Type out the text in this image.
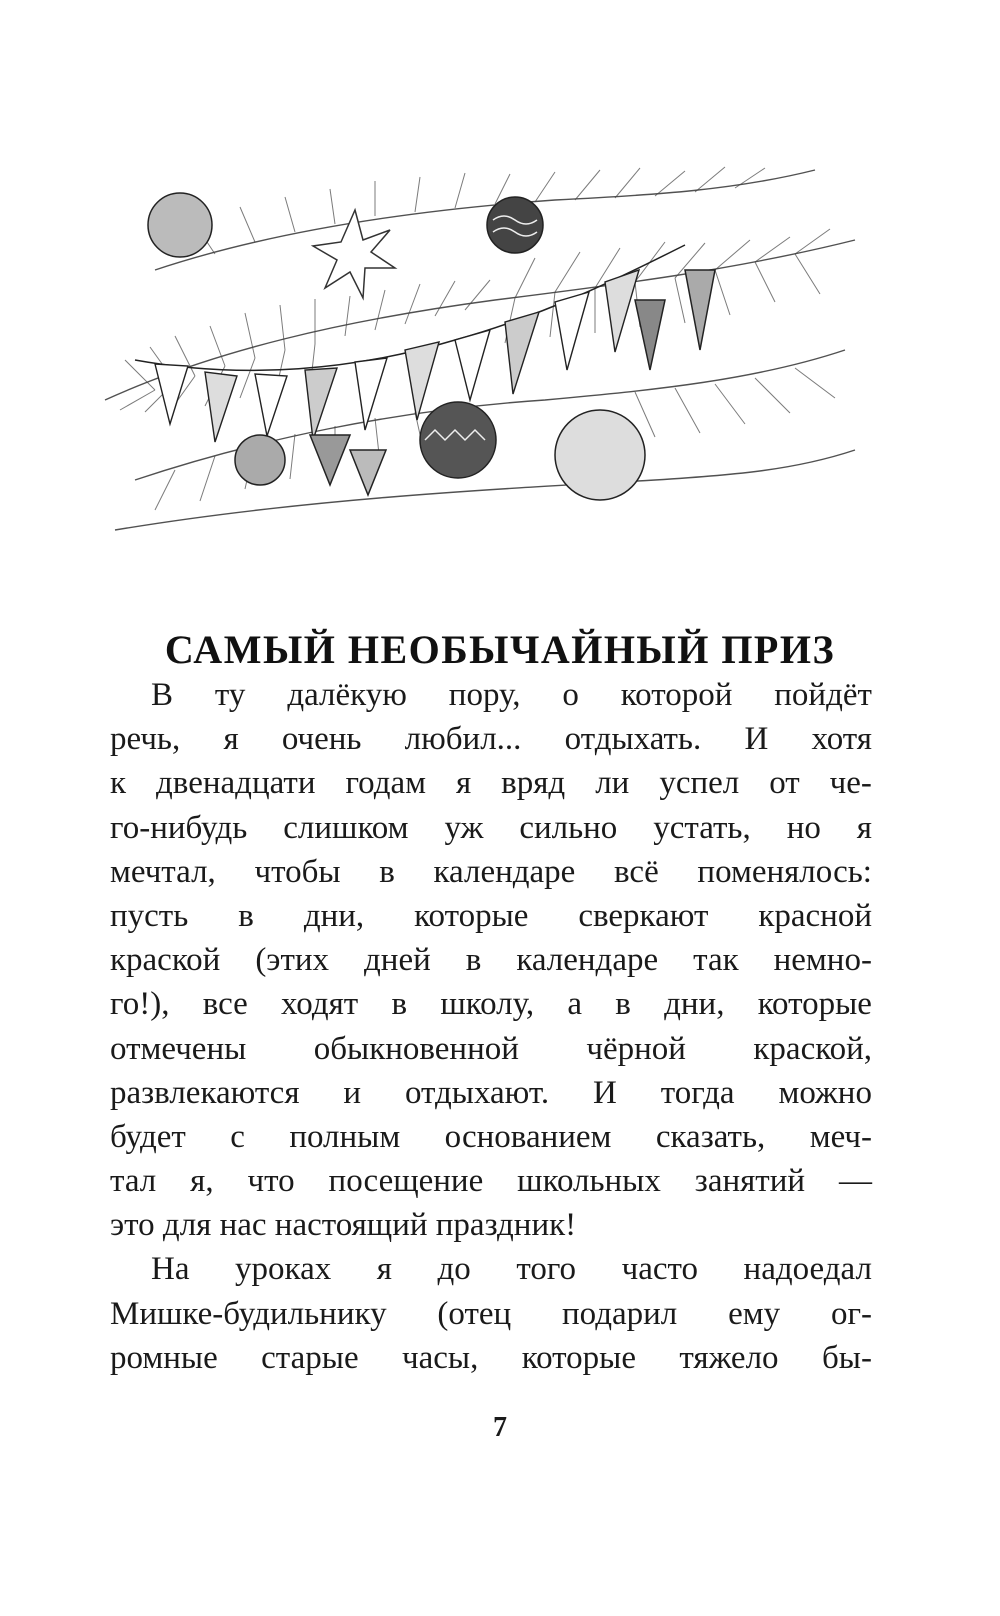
САМЫЙ НЕОБЫЧАЙНЫЙ ПРИЗ
В ту далёкую пору, о которой пойдёт
речь, я очень любил... отдыхать. И хотя
к двенадцати годам я вряд ли успел от че-
го-нибудь слишком уж сильно устать, но я
мечтал, чтобы в календаре всё поменялось:
пусть в дни, которые сверкают красной
краской (этих дней в календаре так немно-
го!), все ходят в школу, а в дни, которые
отмечены обыкновенной чёрной краской,
развлекаются и отдыхают. И тогда можно
будет с полным основанием сказать, меч-
тал я, что посещение школьных занятий —
это для нас настоящий праздник!
На уроках я до того часто надоедал
Мишке-будильнику (отец подарил ему ог-
ромные старые часы, которые тяжело бы-
7
